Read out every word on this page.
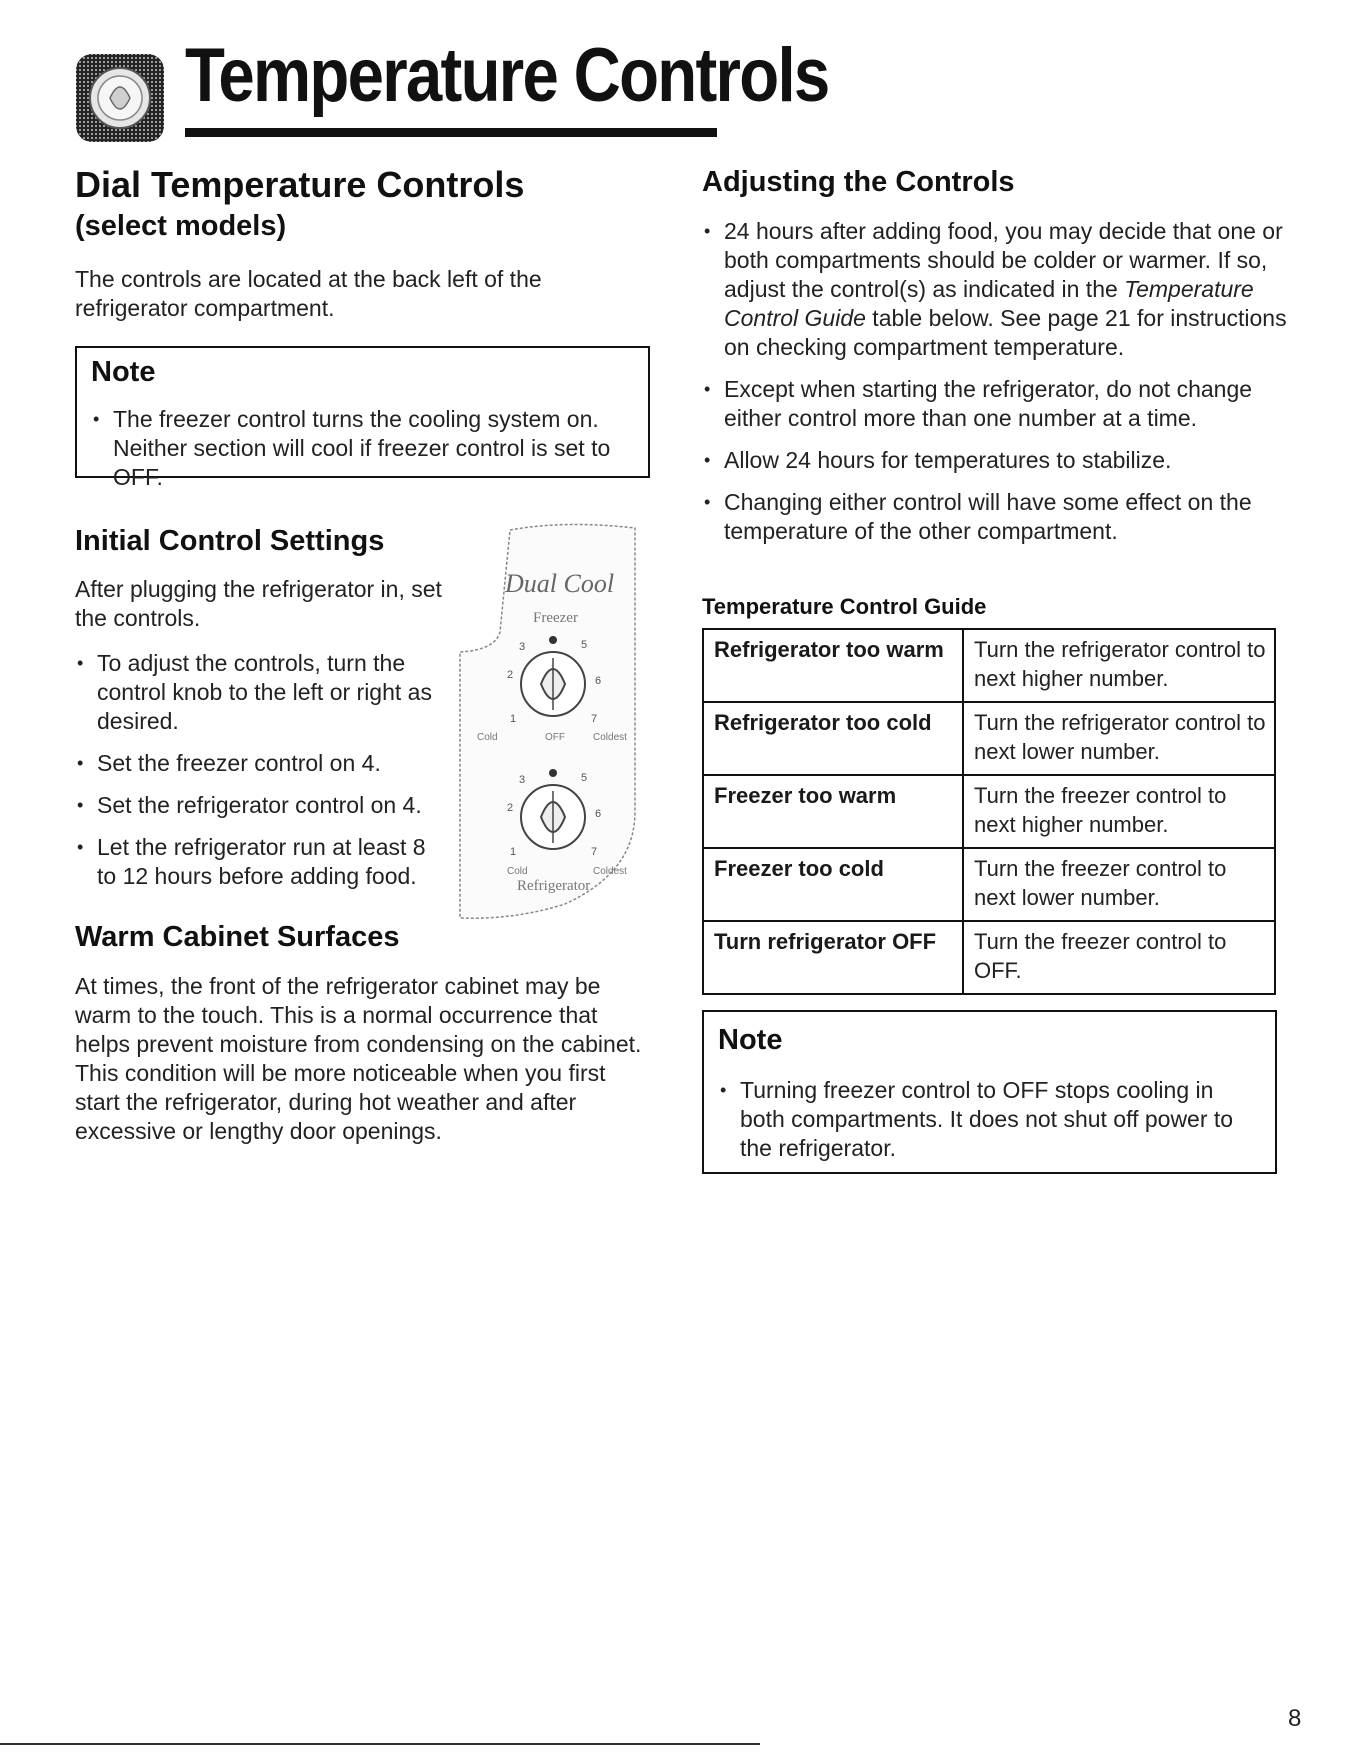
Temperature Controls
Dial Temperature Controls
(select models)

The controls are located at the back left of the refrigerator compartment.

Note

• The freezer control turns the cooling system on. Neither section will cool if freezer control is set to OFF.
Initial Control Settings

After plugging the refrigerator in, set the controls.

• To adjust the controls, turn the control knob to the left or right as desired.
• Set the freezer control on 4.
• Set the refrigerator control on 4.
• Let the refrigerator run at least 8 to 12 hours before adding food.
Dual Cool
Freezer
3
2
1
5
6
7
Cold	OFF	Coldest
3
2
1
5
6
7
Cold	Coldest
Refrigerator
Warm Cabinet Surfaces

At times, the front of the refrigerator cabinet may be warm to the touch. This is a normal occurrence that helps prevent moisture from condensing on the cabinet. This condition will be more noticeable when you first start the refrigerator, during hot weather and after excessive or lengthy door openings.

Adjusting the Controls
• 24 hours after adding food, you may decide that one or both compartments should be colder or warmer. If so, adjust the control(s) as indicated in the Temperature Control Guide table below. See page 21 for instructions on checking compartment temperature.
• Except when starting the refrigerator, do not change either control more than one number at a time.
• Allow 24 hours for temperatures to stabilize.
• Changing either control will have some effect on the temperature of the other compartment.

Temperature Control Guide

Refrigerator too warm	Turn the refrigerator control to next higher number.
Refrigerator too cold	Turn the refrigerator control to next lower number.
Freezer too warm	Turn the freezer control to next higher number.
Freezer too cold	Turn the freezer control to next lower number.
Turn refrigerator OFF	Turn the freezer control to OFF.

Note

• Turning freezer control to OFF stops cooling in both compartments. It does not shut off power to the refrigerator.
8
